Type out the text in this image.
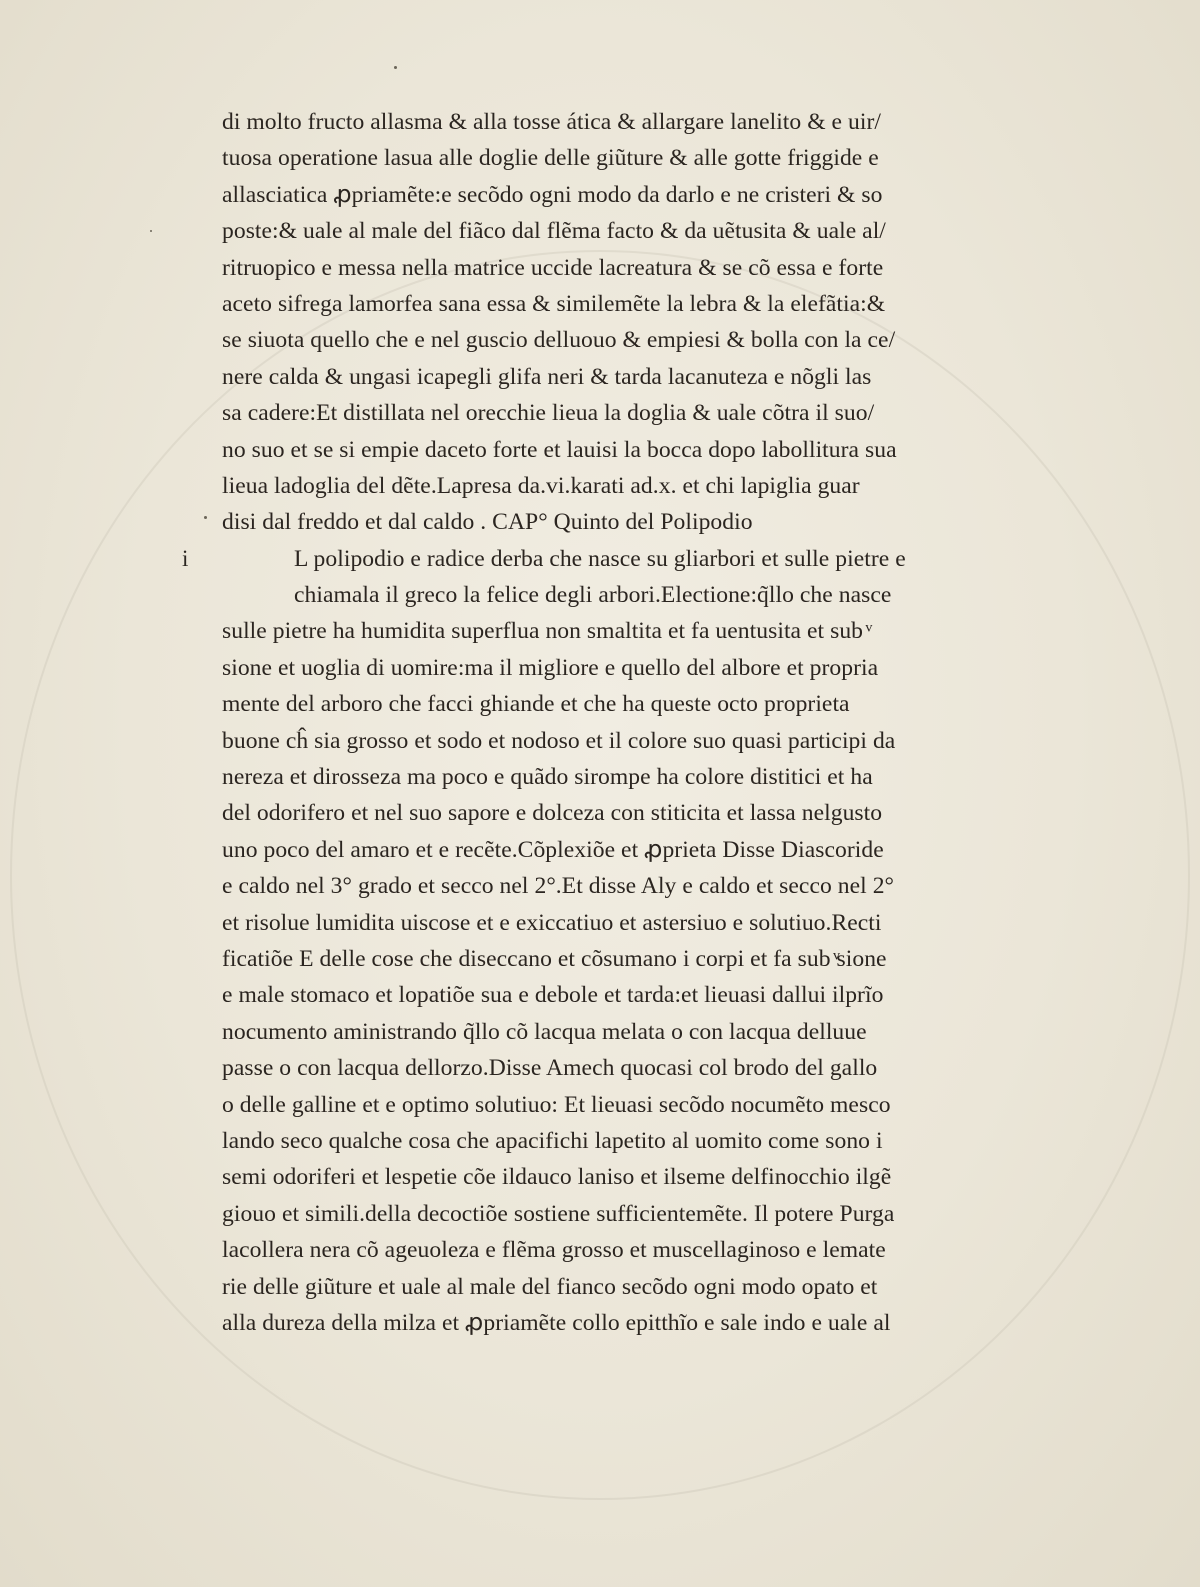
di molto fructo allasma & alla tosse ática & allargare lanelito & e uir/
tuosa operatione lasua alle doglie delle giũture & alle gotte friggide e
allasciatica ꝓpriamẽte:e secõdo ogni modo da darlo e ne cristeri & so
poste:& uale al male del fiãco dal flẽma facto & da uẽtusita & uale al/
ritruopico e messa nella matrice uccide lacreatura & se cõ essa e forte
aceto sifrega lamorfea sana essa & similemẽte la lebra & la elefãtia:&
se siuota quello che e nel guscio delluouo & empiesi & bolla con la ce/
nere calda & ungasi icapegli glifa neri & tarda lacanuteza e nõgli las
sa cadere:Et distillata nel orecchie lieua la doglia & uale cõtra il suo/
no suo et se si empie daceto forte et lauisi la bocca dopo labollitura sua
lieua ladoglia del dẽte.Lapresa da.vi.karati ad.x. et chi lapiglia guar
disi dal freddo et dal caldo . CAP° Quinto del Polipodio
i	L polipodio e radice derba che nasce su gliarbori et sulle pietre e
chiamala il greco la felice degli arbori.Electione:q̃llo che nasce
sulle pietre ha humidita superflua non smaltita et fa uentusita et sub ͮ
sione et uoglia di uomire:ma il migliore e quello del albore et propria
mente del arboro che facci ghiande et che ha queste octo proprieta
buone cĥ sia grosso et sodo et nodoso et il colore suo quasi participi da
nereza et dirosseza ma poco e quãdo sirompe ha colore distitici et ha
del odorifero et nel suo sapore e dolceza con stiticita et lassa nelgusto
uno poco del amaro et e recẽte.Cõplexiõe et ꝓprieta Disse Diascoride
e caldo nel 3° grado et secco nel 2°.Et disse Aly e caldo et secco nel 2°
et risolue lumidita uiscose et e exiccatiuo et astersiuo e solutiuo.Recti
ficatiõe E delle cose che diseccano et cõsumano i corpi et fa sub ͮsione
e male stomaco et lopatiõe sua e debole et tarda:et lieuasi dallui ilprĩo
nocumento aministrando q̃llo cõ lacqua melata o con lacqua delluue
passe o con lacqua dellorzo.Disse Amech quocasi col brodo del gallo
o delle galline et e optimo solutiuo: Et lieuasi secõdo nocumẽto mesco
lando seco qualche cosa che apacifichi lapetito al uomito come sono i
semi odoriferi et lespetie cõe ildauco laniso et ilseme delfinocchio ilgẽ
giouo et simili.della decoctiõe sostiene sufficientemẽte. Il potere Purga
lacollera nera cõ ageuoleza e flẽma grosso et muscellaginoso e lemate
rie delle giũture et uale al male del fianco secõdo ogni modo opato et
alla dureza della milza et ꝓpriamẽte collo epitthĩo e sale indo e uale al
